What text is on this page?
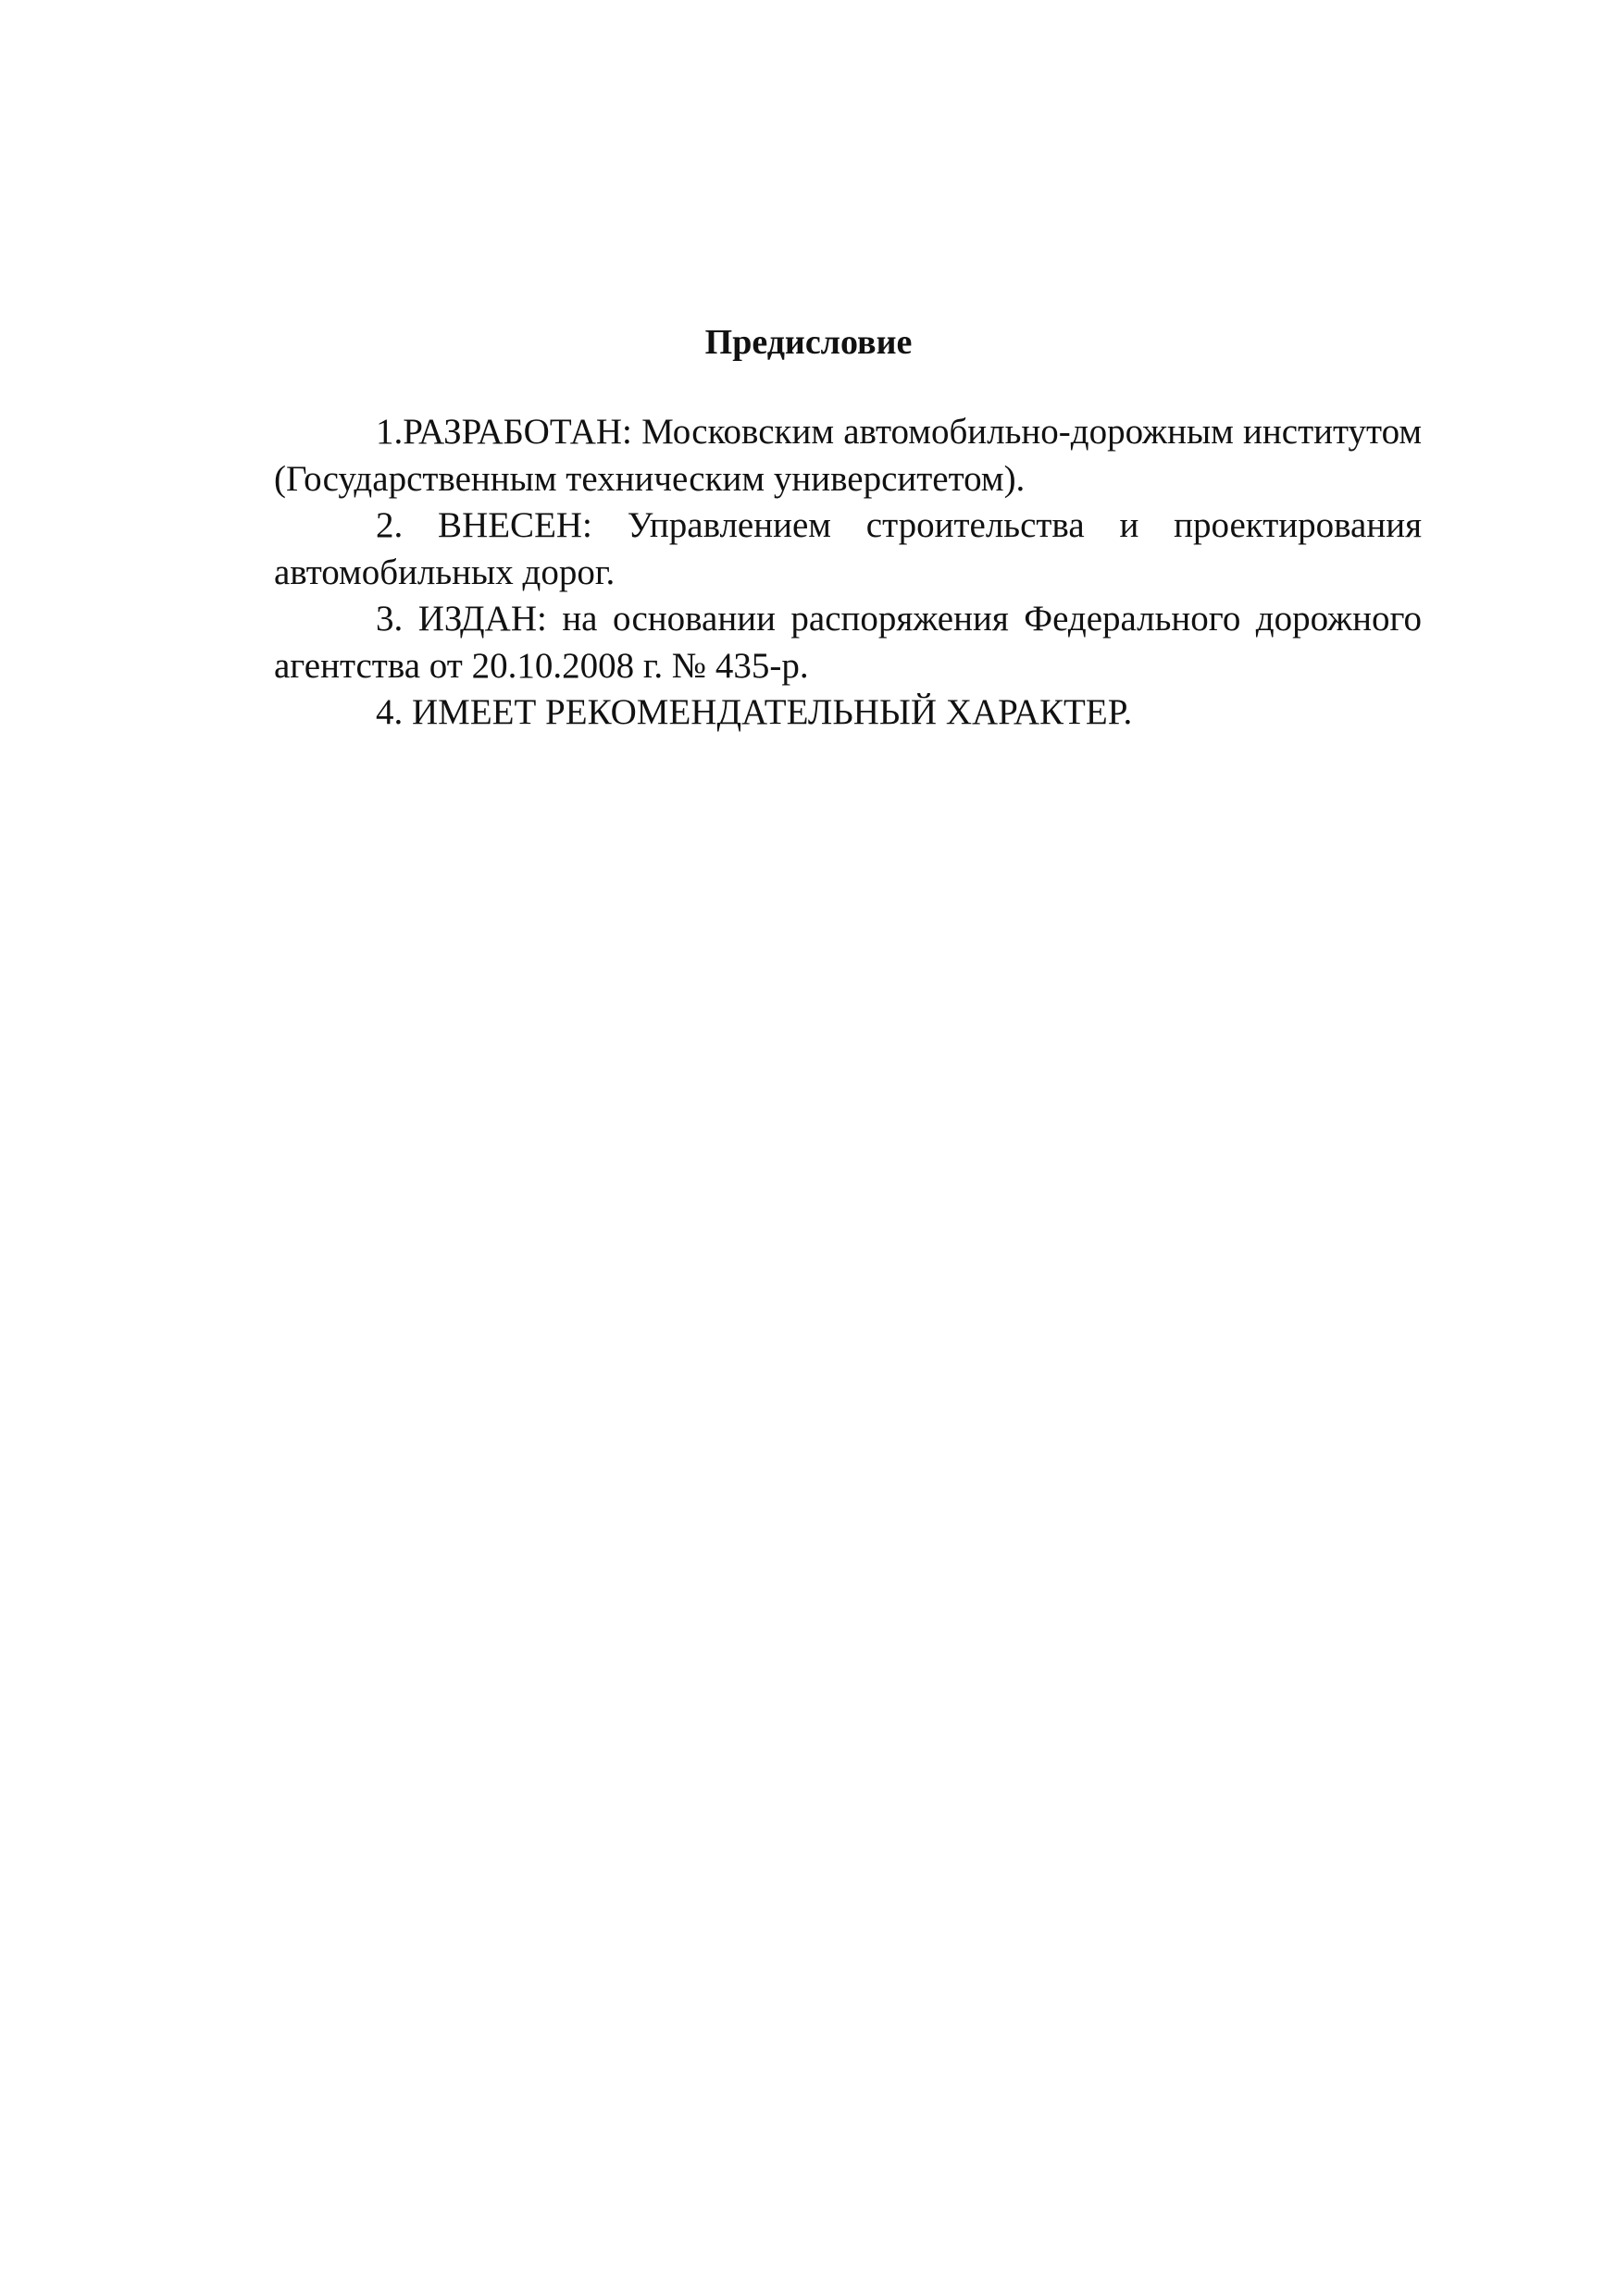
Предисловие

1.РАЗРАБОТАН: Московским автомобильно-дорожным институтом (Государственным техническим университетом).

2. ВНЕСЕН: Управлением строительства и проектирования автомобильных дорог.

3. ИЗДАН: на основании распоряжения Федерального дорожного агентства от 20.10.2008 г. № 435-р.

4. ИМЕЕТ РЕКОМЕНДАТЕЛЬНЫЙ ХАРАКТЕР.
